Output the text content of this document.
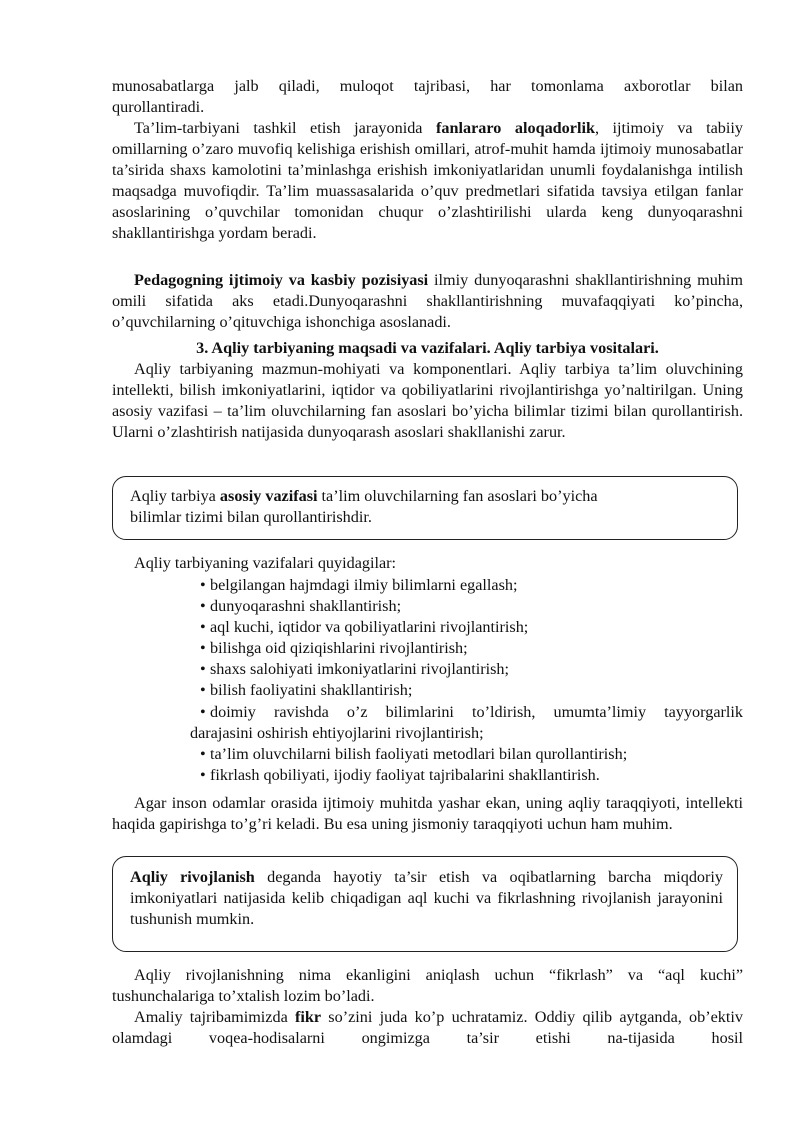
munosabatlarga jalb qiladi, muloqot tajribasi, har tomonlama axborotlar bilan

qurollantiradi.

Ta’lim-tarbiyani tashkil etish jarayonida fanlararo aloqadorlik, ijtimoiy va tabiiy omillarning o’zaro muvofiq kelishiga erishish omillari, atrof-muhit hamda ijtimoiy munosabatlar ta’sirida shaxs kamolotini ta’minlashga erishish imkoniyatlaridan unumli foydalanishga intilish maqsadga muvofiqdir. Ta’lim muassasalarida o’quv predmetlari sifatida tavsiya etilgan fanlar asoslarining o’quvchilar tomonidan chuqur o’zlashtirilishi ularda keng dunyoqarashni shakllantirishga yordam beradi.

Pedagogning ijtimoiy va kasbiy pozisiyasi ilmiy dunyoqarashni shakllantirishning muhim omili sifatida aks etadi.Dunyoqarashni shakllantirishning muvafaqqiyati ko’pincha, o’quvchilarning o’qituvchiga ishonchiga asoslanadi.

3. Aqliy tarbiyaning maqsadi va vazifalari. Aqliy tarbiya vositalari.

Aqliy tarbiyaning mazmun-mohiyati va komponentlari. Aqliy tarbiya ta’lim oluvchining intellekti, bilish imkoniyatlarini, iqtidor va qobiliyatlarini rivojlantirishga yo’naltirilgan. Uning asosiy vazifasi – ta’lim oluvchilarning fan asoslari bo’yicha bilimlar tizimi bilan qurollantirish. Ularni o’zlashtirish natijasida dunyoqarash asoslari shakllanishi zarur.

Aqliy tarbiya asosiy vazifasi ta’lim oluvchilarning fan asoslari bo’yicha
bilimlar tizimi bilan qurollantirishdir.

Aqliy tarbiyaning vazifalari quyidagilar:

• belgilangan hajmdagi ilmiy bilimlarni egallash;
• dunyoqarashni shakllantirish;
• aql kuchi, iqtidor va qobiliyatlarini rivojlantirish;
• bilishga oid qiziqishlarini rivojlantirish;
• shaxs salohiyati imkoniyatlarini rivojlantirish;
• bilish faoliyatini shakllantirish;
• doimiy ravishda o’z bilimlarini to’ldirish, umumta’limiy tayyorgarlik
darajasini oshirish ehtiyojlarini rivojlantirish;
• ta’lim oluvchilarni bilish faoliyati metodlari bilan qurollantirish;
• fikrlash qobiliyati, ijodiy faoliyat tajribalarini shakllantirish.

Agar inson odamlar orasida ijtimoiy muhitda yashar ekan, uning aqliy taraqqiyoti, intellekti haqida gapirishga to’g’ri keladi. Bu esa uning jismoniy taraqqiyoti uchun ham muhim.

Aqliy rivojlanish deganda hayotiy ta’sir etish va oqibatlarning barcha miqdoriy imkoniyatlari natijasida kelib chiqadigan aql kuchi va fikrlashning rivojlanish jarayonini tushunish mumkin.

Aqliy rivojlanishning nima ekanligini aniqlash uchun “fikrlash” va “aql kuchi” tushunchalariga to’xtalish lozim bo’ladi.

Amaliy tajribamimizda fikr so’zini juda ko’p uchratamiz. Oddiy qilib aytganda, ob’ektiv olamdagi voqea-hodisalarni ongimizga ta’sir etishi na-tijasida hosil
